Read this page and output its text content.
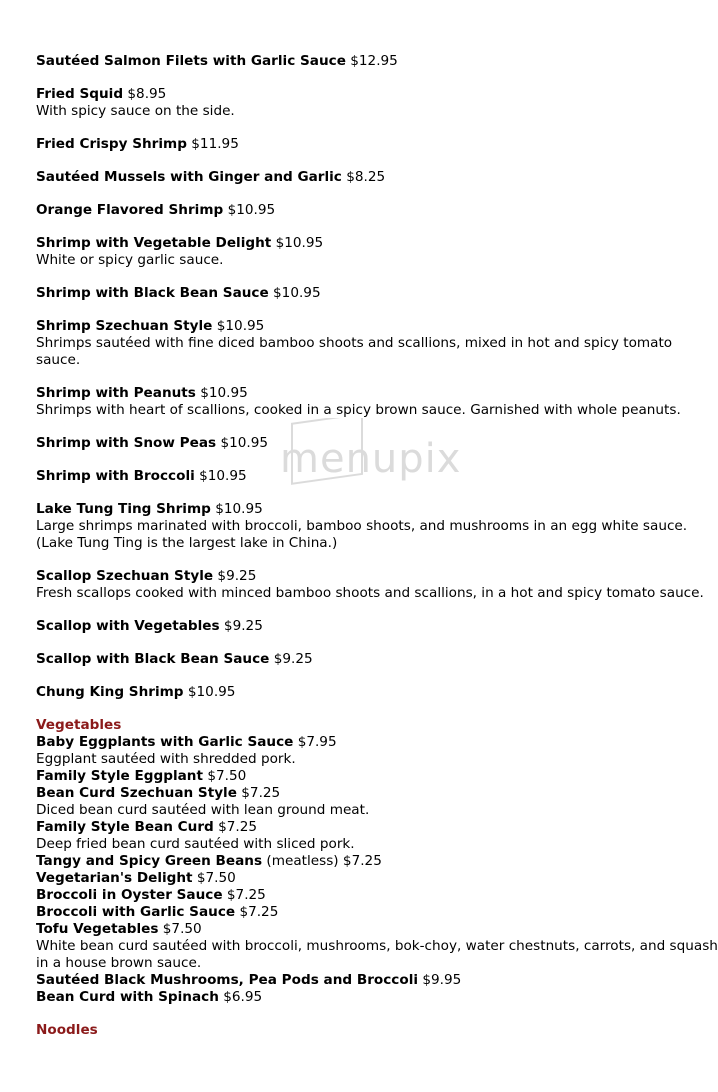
Sautéed Salmon Filets with Garlic Sauce $12.95
Fried Squid $8.95
With spicy sauce on the side.
Fried Crispy Shrimp $11.95
Sautéed Mussels with Ginger and Garlic $8.25
Orange Flavored Shrimp $10.95
Shrimp with Vegetable Delight $10.95
White or spicy garlic sauce.
Shrimp with Black Bean Sauce $10.95
Shrimp Szechuan Style $10.95
Shrimps sautéed with fine diced bamboo shoots and scallions, mixed in hot and spicy tomato sauce.
Shrimp with Peanuts $10.95
Shrimps with heart of scallions, cooked in a spicy brown sauce. Garnished with whole peanuts.
Shrimp with Snow Peas $10.95
Shrimp with Broccoli $10.95
Lake Tung Ting Shrimp $10.95
Large shrimps marinated with broccoli, bamboo shoots, and mushrooms in an egg white sauce. (Lake Tung Ting is the largest lake in China.)
Scallop Szechuan Style $9.25
Fresh scallops cooked with minced bamboo shoots and scallions, in a hot and spicy tomato sauce.
Scallop with Vegetables $9.25
Scallop with Black Bean Sauce $9.25
Chung King Shrimp $10.95
Vegetables
Baby Eggplants with Garlic Sauce $7.95
Eggplant sautéed with shredded pork.
Family Style Eggplant $7.50
Bean Curd Szechuan Style $7.25
Diced bean curd sautéed with lean ground meat.
Family Style Bean Curd $7.25
Deep fried bean curd sautéed with sliced pork.
Tangy and Spicy Green Beans (meatless) $7.25
Vegetarian's Delight $7.50
Broccoli in Oyster Sauce $7.25
Broccoli with Garlic Sauce $7.25
Tofu Vegetables $7.50
White bean curd sautéed with broccoli, mushrooms, bok-choy, water chestnuts, carrots, and squash in a house brown sauce.
Sautéed Black Mushrooms, Pea Pods and Broccoli $9.95
Bean Curd with Spinach $6.95
Noodles
menupix
